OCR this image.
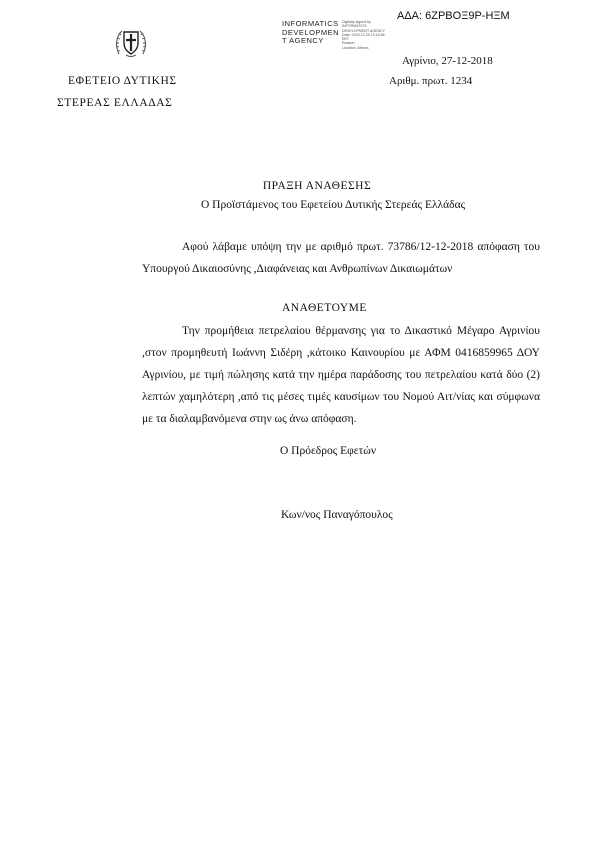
ΑΔΑ: 6ΖΡΒΟΞ9Ρ-ΗΞΜ
INFORMATICS
DEVELOPMEN
T AGENCY
Digitally signed by
INFORMATICS
DEVELOPMENT AGENCY
Date: 2018.12.28 13:18:56
EET
Reason:
Location: Athens
Αγρίνιο, 27-12-2018
ΕΦΕΤΕΙΟ ΔΥΤΙΚΗΣ
ΣΤΕΡΕΑΣ ΕΛΛΑΔΑΣ
Αριθμ. πρωτ. 1234
ΠΡΑΞΗ ΑΝΑΘΕΣΗΣ
Ο Προϊστάμενος του Εφετείου Δυτικής Στερεάς Ελλάδας
Αφού λάβαμε υπόψη την με αριθμό πρωτ. 73786/12-12-2018 απόφαση του Υπουργού Δικαιοσύνης ,Διαφάνειας και Ανθρωπίνων Δικαιωμάτων
ΑΝΑΘΕΤΟΥΜΕ
Την προμήθεια πετρελαίου θέρμανσης για το Δικαστικό Μέγαρο Αγρινίου ,στον προμηθευτή Ιωάννη Σιδέρη ,κάτοικο Καινουρίου με ΑΦΜ 0416859965 ΔΟΥ Αγρινίου, με τιμή πώλησης κατά την ημέρα παράδοσης του πετρελαίου κατά δύο (2) λεπτών χαμηλότερη ,από τις μέσες τιμές καυσίμων του Νομού Αιτ/νίας και σύμφωνα με τα διαλαμβανόμενα στην ως άνω απόφαση.
Ο Πρόεδρος Εφετών
Κων/νος Παναγόπουλος
